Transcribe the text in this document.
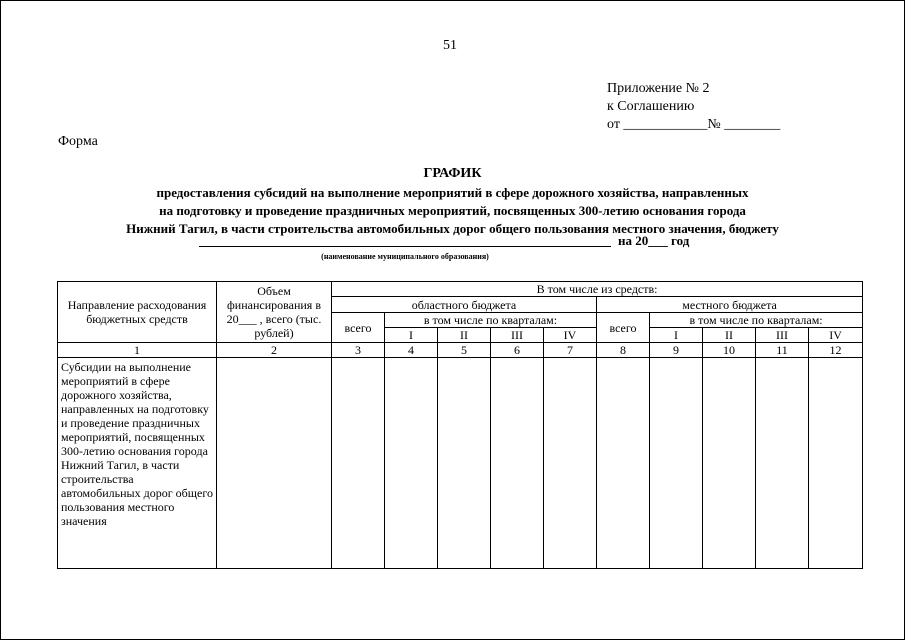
51
Приложение № 2
к Соглашению
от ____________№ ________
Форма
ГРАФИК
предоставления субсидий на выполнение мероприятий в сфере дорожного хозяйства, направленных
на подготовку и проведение праздничных мероприятий, посвященных 300-летию основания города
Нижний Тагил, в части строительства автомобильных дорог общего пользования местного значения, бюджету
на 20___ год
(наименование муниципального образования)
Направление расходования бюджетных средств	Объем финансирования в 20___ , всего (тыс. рублей)	В том числе из средств:									
		областного бюджета					местного бюджета				
		всего	в том числе по кварталам:				всего	в том числе по кварталам:			
			I	II	III	IV		I	II	III	IV
1	2	3	4	5	6	7	8	9	10	11	12
Субсидии на выполнение мероприятий в сфере дорожного хозяйства, направленных на подготовку и проведение праздничных мероприятий, посвященных 300-летию основания города Нижний Тагил, в части строительства автомобильных дорог общего пользования местного значения											
